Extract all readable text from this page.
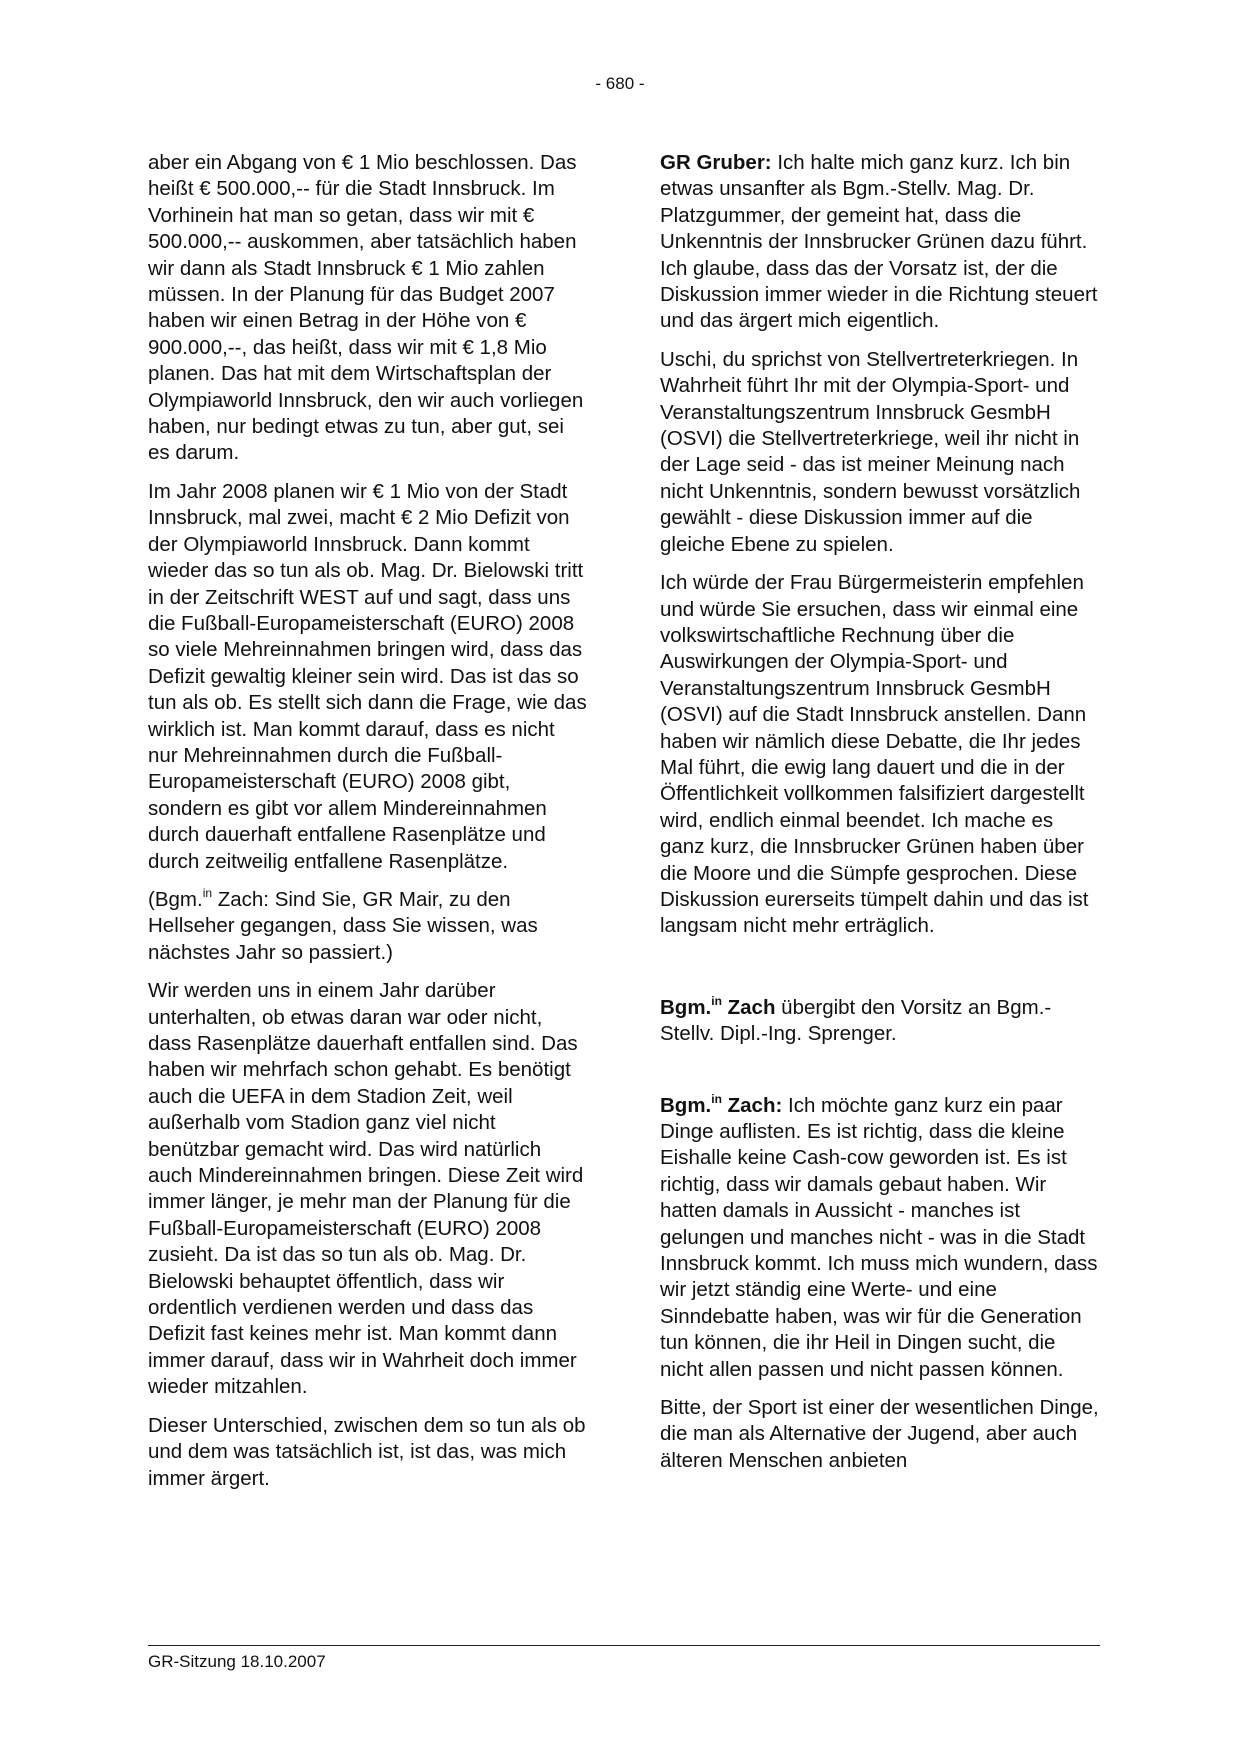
- 680 -

aber ein Abgang von € 1 Mio beschlossen. Das heißt € 500.000,-- für die Stadt Innsbruck. Im Vorhinein hat man so getan, dass wir mit € 500.000,-- auskommen, aber tatsächlich haben wir dann als Stadt Innsbruck € 1 Mio zahlen müssen. In der Planung für das Budget 2007 haben wir einen Betrag in der Höhe von € 900.000,--, das heißt, dass wir mit € 1,8 Mio planen. Das hat mit dem Wirtschaftsplan der Olympiaworld Innsbruck, den wir auch vorliegen haben, nur bedingt etwas zu tun, aber gut, sei es darum.

Im Jahr 2008 planen wir € 1 Mio von der Stadt Innsbruck, mal zwei, macht € 2 Mio Defizit von der Olympiaworld Innsbruck. Dann kommt wieder das so tun als ob. Mag. Dr. Bielowski tritt in der Zeitschrift WEST auf und sagt, dass uns die Fußball-Europameisterschaft (EURO) 2008 so viele Mehreinnahmen bringen wird, dass das Defizit gewaltig kleiner sein wird. Das ist das so tun als ob. Es stellt sich dann die Frage, wie das wirklich ist. Man kommt darauf, dass es nicht nur Mehreinnahmen durch die Fußball-Europameisterschaft (EURO) 2008 gibt, sondern es gibt vor allem Mindereinnahmen durch dauerhaft entfallene Rasenplätze und durch zeitweilig entfallene Rasenplätze.

(Bgm.$^{in}$ Zach: Sind Sie, GR Mair, zu den Hellseher gegangen, dass Sie wissen, was nächstes Jahr so passiert.)

Wir werden uns in einem Jahr darüber unterhalten, ob etwas daran war oder nicht, dass Rasenplätze dauerhaft entfallen sind. Das haben wir mehrfach schon gehabt. Es benötigt auch die UEFA in dem Stadion Zeit, weil außerhalb vom Stadion ganz viel nicht benützbar gemacht wird. Das wird natürlich auch Mindereinnahmen bringen. Diese Zeit wird immer länger, je mehr man der Planung für die Fußball-Europameisterschaft (EURO) 2008 zusieht. Da ist das so tun als ob. Mag. Dr. Bielowski behauptet öffentlich, dass wir ordentlich verdienen werden und dass das Defizit fast keines mehr ist. Man kommt dann immer darauf, dass wir in Wahrheit doch immer wieder mitzahlen.

Dieser Unterschied, zwischen dem so tun als ob und dem was tatsächlich ist, ist das, was mich immer ärgert.

GR Gruber: Ich halte mich ganz kurz. Ich bin etwas unsanfter als Bgm.-Stellv. Mag. Dr. Platzgummer, der gemeint hat, dass die Unkenntnis der Innsbrucker Grünen dazu führt. Ich glaube, dass das der Vorsatz ist, der die Diskussion immer wieder in die Richtung steuert und das ärgert mich eigentlich.

Uschi, du sprichst von Stellvertreterkriegen. In Wahrheit führt Ihr mit der Olympia-Sport- und Veranstaltungszentrum Innsbruck GesmbH (OSVI) die Stellvertreterkriege, weil ihr nicht in der Lage seid - das ist meiner Meinung nach nicht Unkenntnis, sondern bewusst vorsätzlich gewählt - diese Diskussion immer auf die gleiche Ebene zu spielen.

Ich würde der Frau Bürgermeisterin empfehlen und würde Sie ersuchen, dass wir einmal eine volkswirtschaftliche Rechnung über die Auswirkungen der Olympia-Sport- und Veranstaltungszentrum Innsbruck GesmbH (OSVI) auf die Stadt Innsbruck anstellen. Dann haben wir nämlich diese Debatte, die Ihr jedes Mal führt, die ewig lang dauert und die in der Öffentlichkeit vollkommen falsifiziert dargestellt wird, endlich einmal beendet. Ich mache es ganz kurz, die Innsbrucker Grünen haben über die Moore und die Sümpfe gesprochen. Diese Diskussion eurerseits tümpelt dahin und das ist langsam nicht mehr erträglich.

Bgm.$^{in}$ Zach übergibt den Vorsitz an Bgm.-Stellv. Dipl.-Ing. Sprenger.

Bgm.$^{in}$ Zach: Ich möchte ganz kurz ein paar Dinge auflisten. Es ist richtig, dass die kleine Eishalle keine Cash-cow geworden ist. Es ist richtig, dass wir damals gebaut haben. Wir hatten damals in Aussicht - manches ist gelungen und manches nicht - was in die Stadt Innsbruck kommt. Ich muss mich wundern, dass wir jetzt ständig eine Werte- und eine Sinndebatte haben, was wir für die Generation tun können, die ihr Heil in Dingen sucht, die nicht allen passen und nicht passen können.

Bitte, der Sport ist einer der wesentlichen Dinge, die man als Alternative der Jugend, aber auch älteren Menschen anbieten

GR-Sitzung 18.10.2007
